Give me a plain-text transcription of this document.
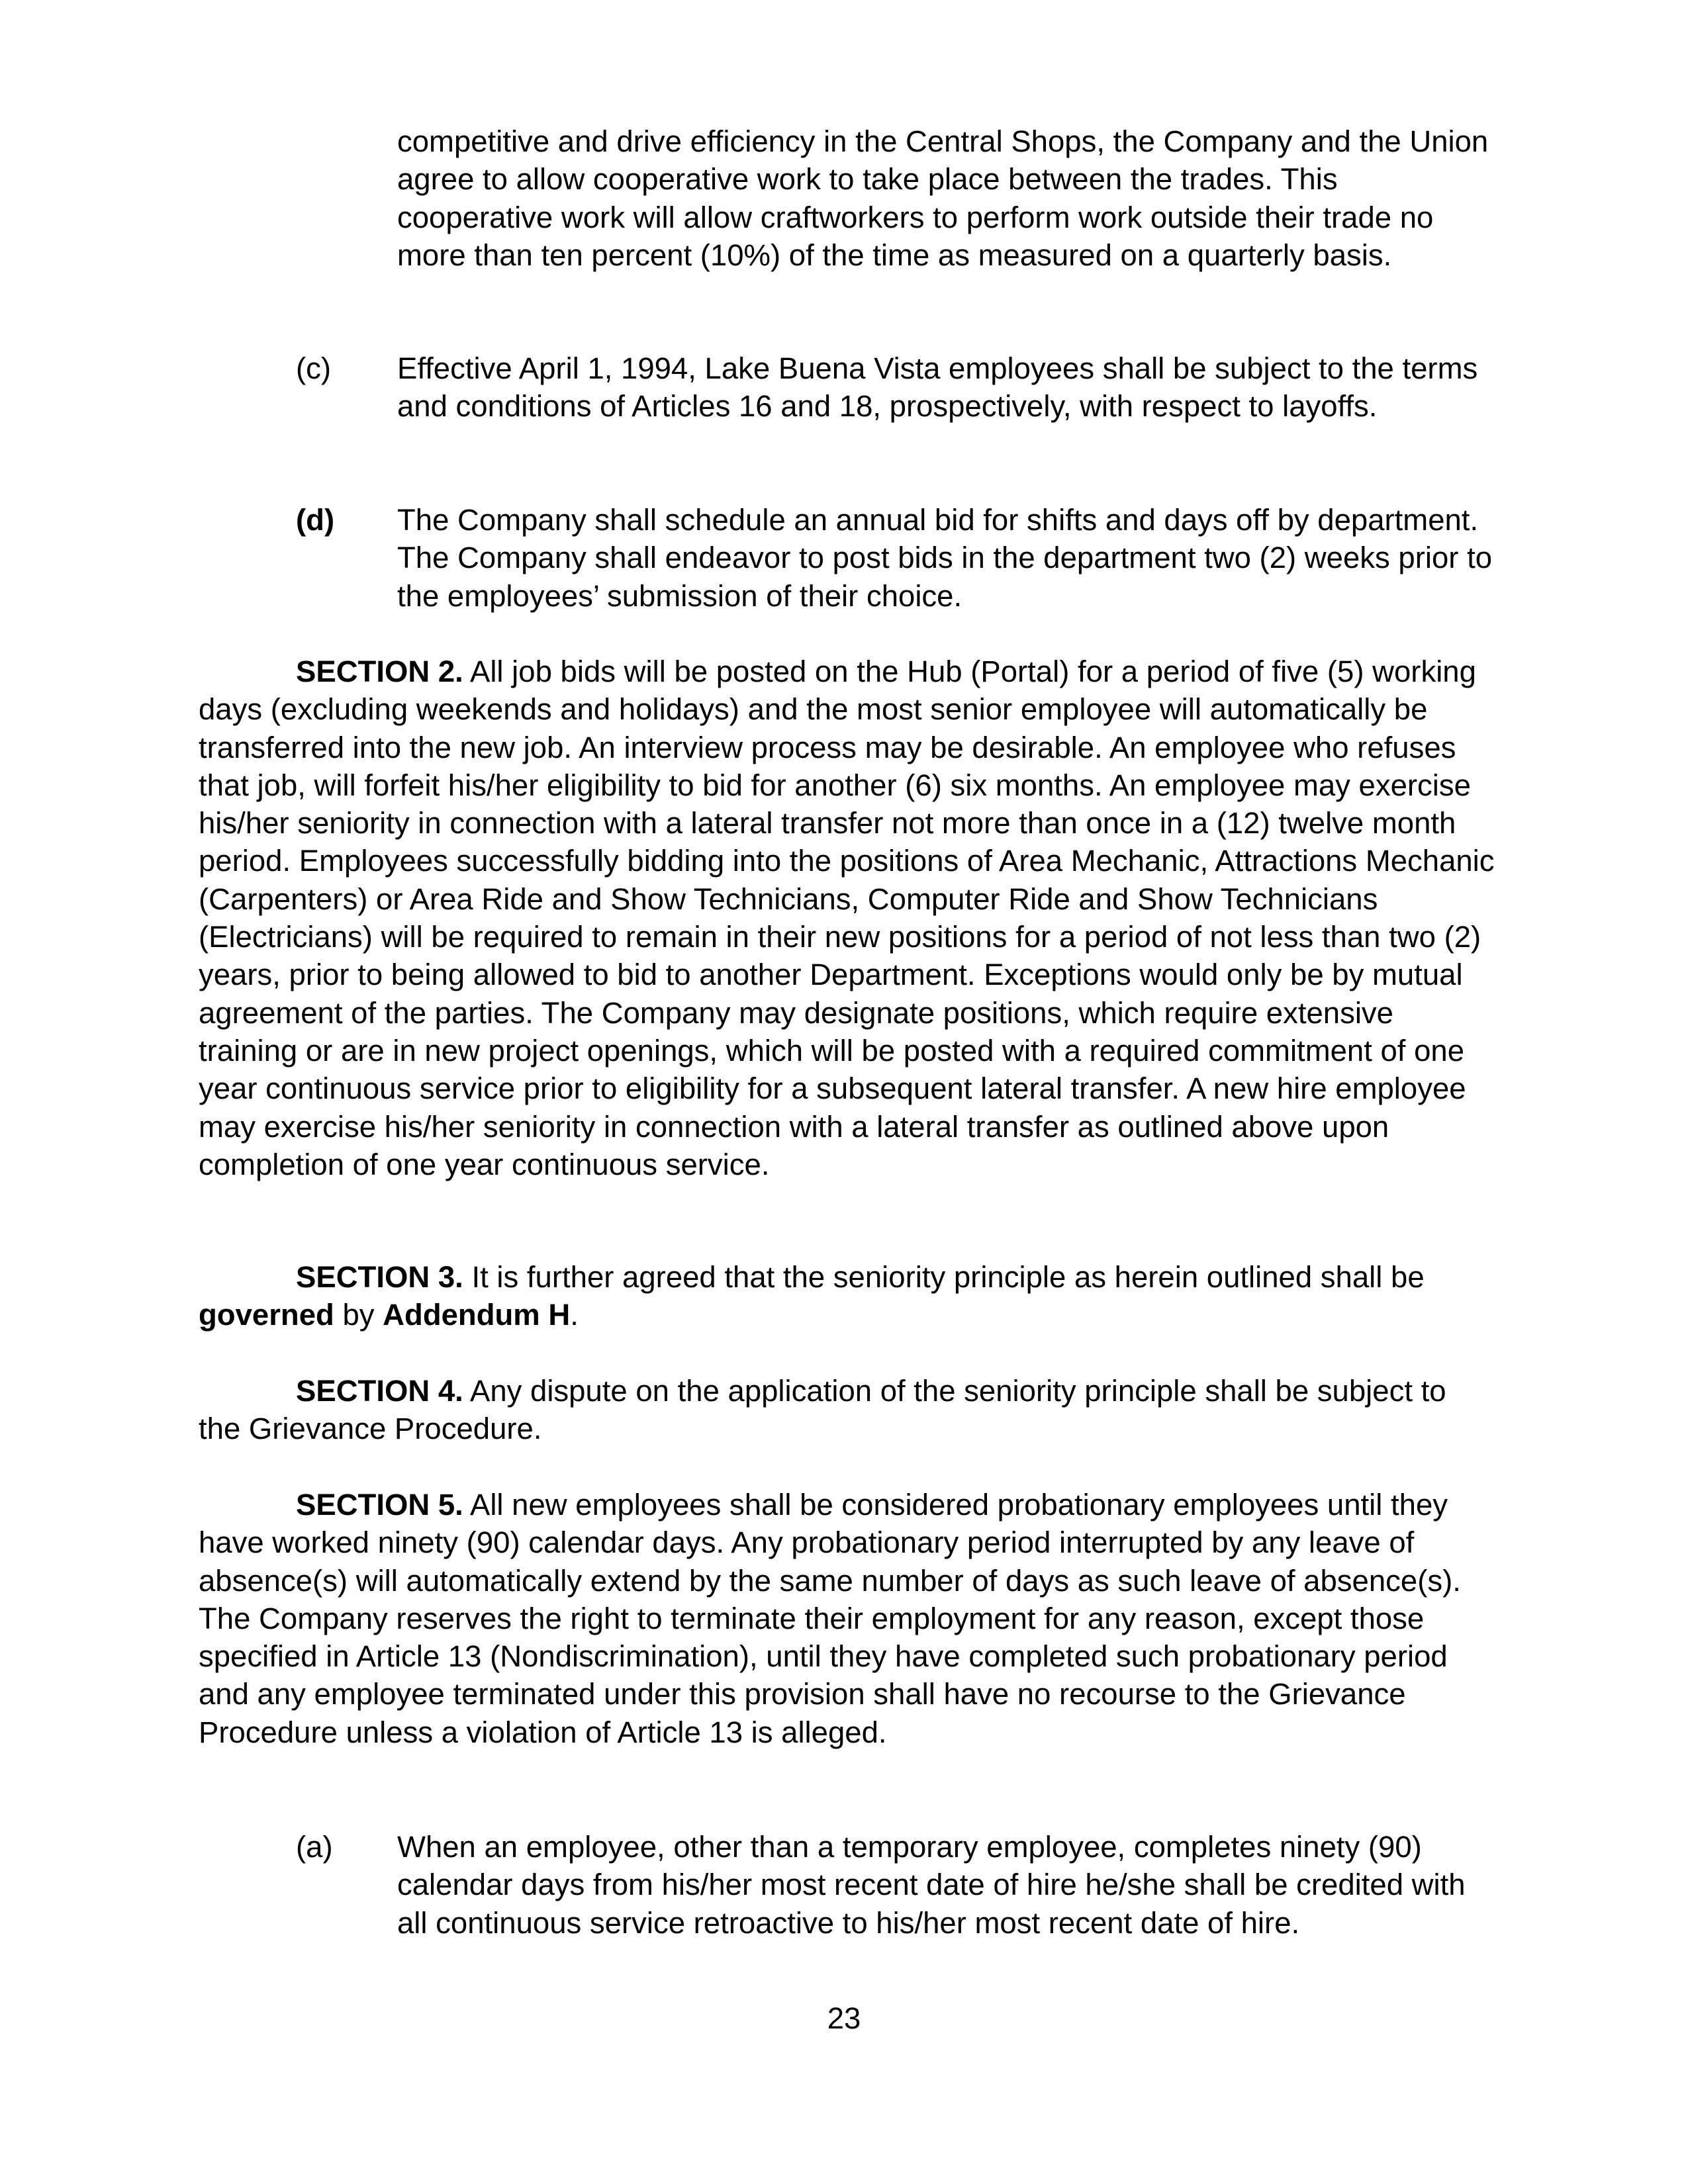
competitive and drive efficiency in the Central Shops, the Company and the Union agree to allow cooperative work to take place between the trades. This cooperative work will allow craftworkers to perform work outside their trade no more than ten percent (10%) of the time as measured on a quarterly basis.

(c)	Effective April 1, 1994, Lake Buena Vista employees shall be subject to the terms and conditions of Articles 16 and 18, prospectively, with respect to layoffs.
(d)	The Company shall schedule an annual bid for shifts and days off by department. The Company shall endeavor to post bids in the department two (2) weeks prior to the employees’ submission of their choice.

SECTION 2. All job bids will be posted on the Hub (Portal) for a period of five (5) working days (excluding weekends and holidays) and the most senior employee will automatically be transferred into the new job. An interview process may be desirable. An employee who refuses that job, will forfeit his/her eligibility to bid for another (6) six months. An employee may exercise his/her seniority in connection with a lateral transfer not more than once in a (12) twelve month period. Employees successfully bidding into the positions of Area Mechanic, Attractions Mechanic (Carpenters) or Area Ride and Show Technicians, Computer Ride and Show Technicians (Electricians) will be required to remain in their new positions for a period of not less than two (2) years, prior to being allowed to bid to another Department. Exceptions would only be by mutual agreement of the parties. The Company may designate positions, which require extensive training or are in new project openings, which will be posted with a required commitment of one year continuous service prior to eligibility for a subsequent lateral transfer. A new hire employee may exercise his/her seniority in connection with a lateral transfer as outlined above upon completion of one year continuous service.

SECTION 3. It is further agreed that the seniority principle as herein outlined shall be governed by Addendum H.

SECTION 4. Any dispute on the application of the seniority principle shall be subject to the Grievance Procedure.

SECTION 5. All new employees shall be considered probationary employees until they have worked ninety (90) calendar days. Any probationary period interrupted by any leave of absence(s) will automatically extend by the same number of days as such leave of absence(s). The Company reserves the right to terminate their employment for any reason, except those specified in Article 13 (Nondiscrimination), until they have completed such probationary period and any employee terminated under this provision shall have no recourse to the Grievance Procedure unless a violation of Article 13 is alleged.

(a)	When an employee, other than a temporary employee, completes ninety (90) calendar days from his/her most recent date of hire he/she shall be credited with all continuous service retroactive to his/her most recent date of hire.
23
